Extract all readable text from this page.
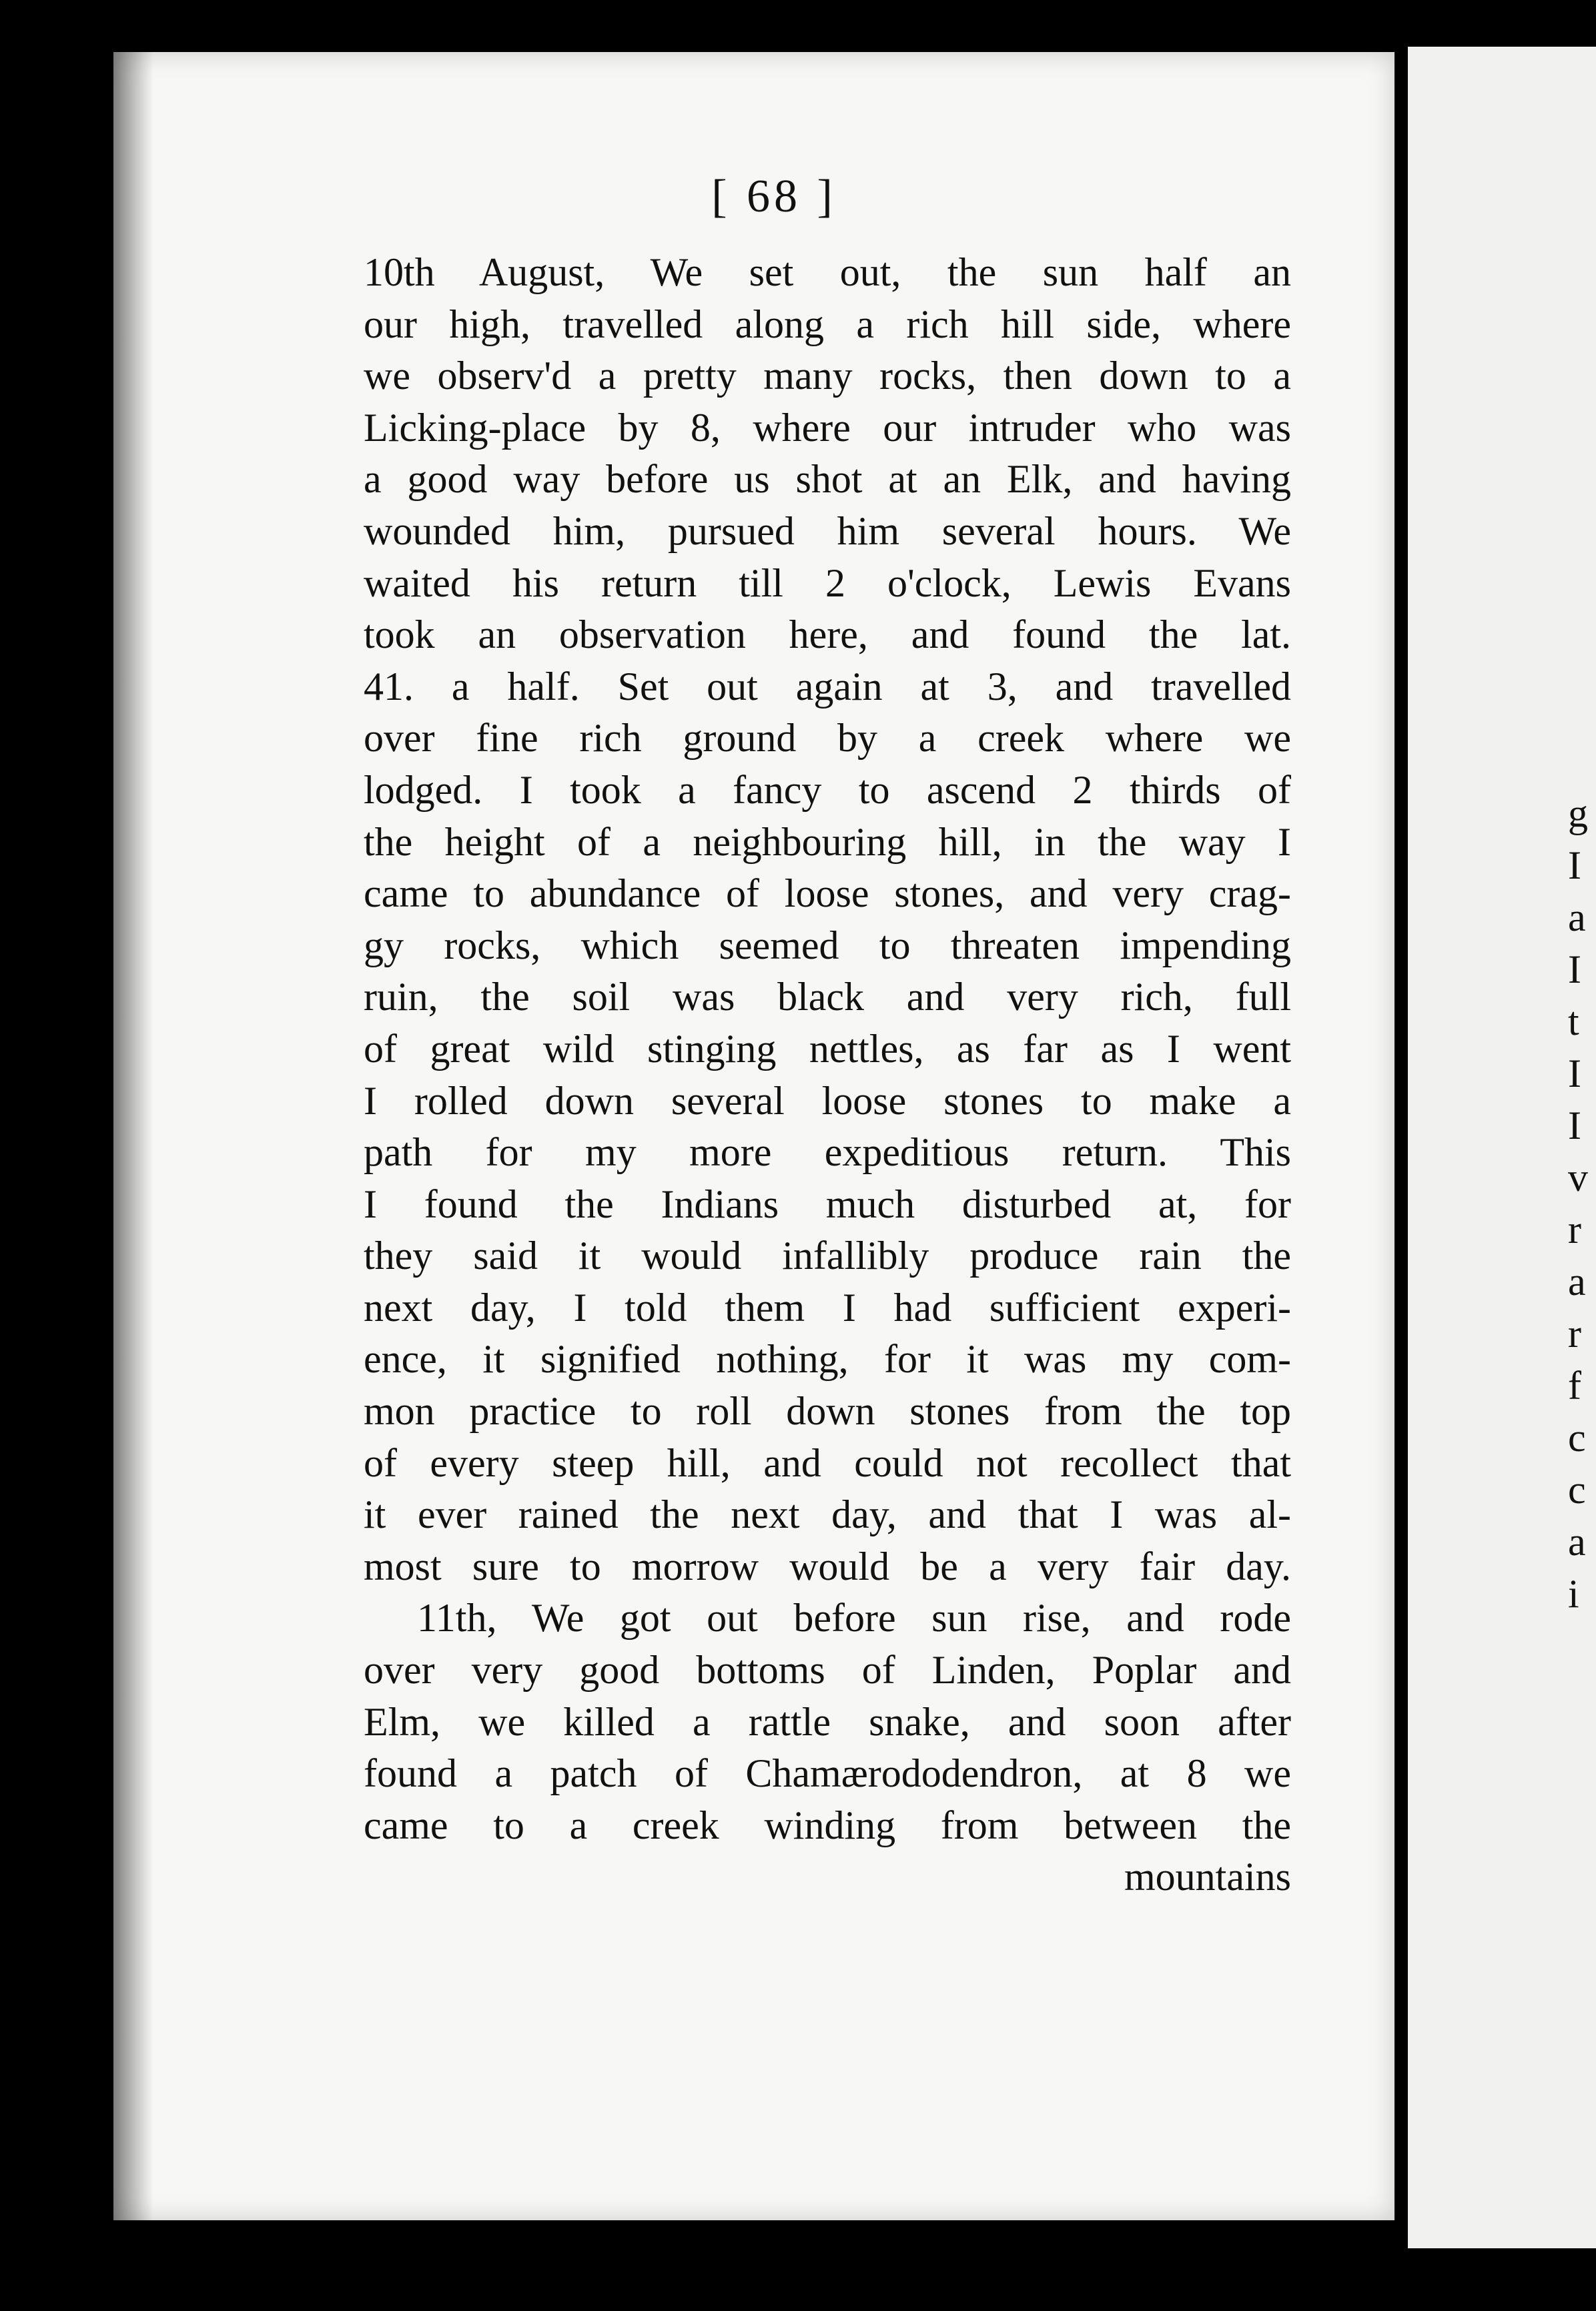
g
I
a
I
t
I
I
v
r
a
r
f
c
c
a
i
[ 68 ]
10th August, We set out, the sun half an
our high, travelled along a rich hill side, where
we observ'd a pretty many rocks, then down to a
Licking-place by 8, where our intruder who was
a good way before us shot at an Elk, and having
wounded him, pursued him several hours. We
waited his return till 2 o'clock, Lewis Evans
took an observation here, and found the lat.
41. a half. Set out again at 3, and travelled
over fine rich ground by a creek where we
lodged. I took a fancy to ascend 2 thirds of
the height of a neighbouring hill, in the way I
came to abundance of loose stones, and very crag-
gy rocks, which seemed to threaten impending
ruin, the soil was black and very rich, full
of great wild stinging nettles, as far as I went
I rolled down several loose stones to make a
path for my more expeditious return. This
I found the Indians much disturbed at, for
they said it would infallibly produce rain the
next day, I told them I had sufficient experi-
ence, it signified nothing, for it was my com-
mon practice to roll down stones from the top
of every steep hill, and could not recollect that
it ever rained the next day, and that I was al-
most sure to morrow would be a very fair day.
11th, We got out before sun rise, and rode
over very good bottoms of Linden, Poplar and
Elm, we killed a rattle snake, and soon after
found a patch of Chamærododendron, at 8 we
came to a creek winding from between the
mountains
